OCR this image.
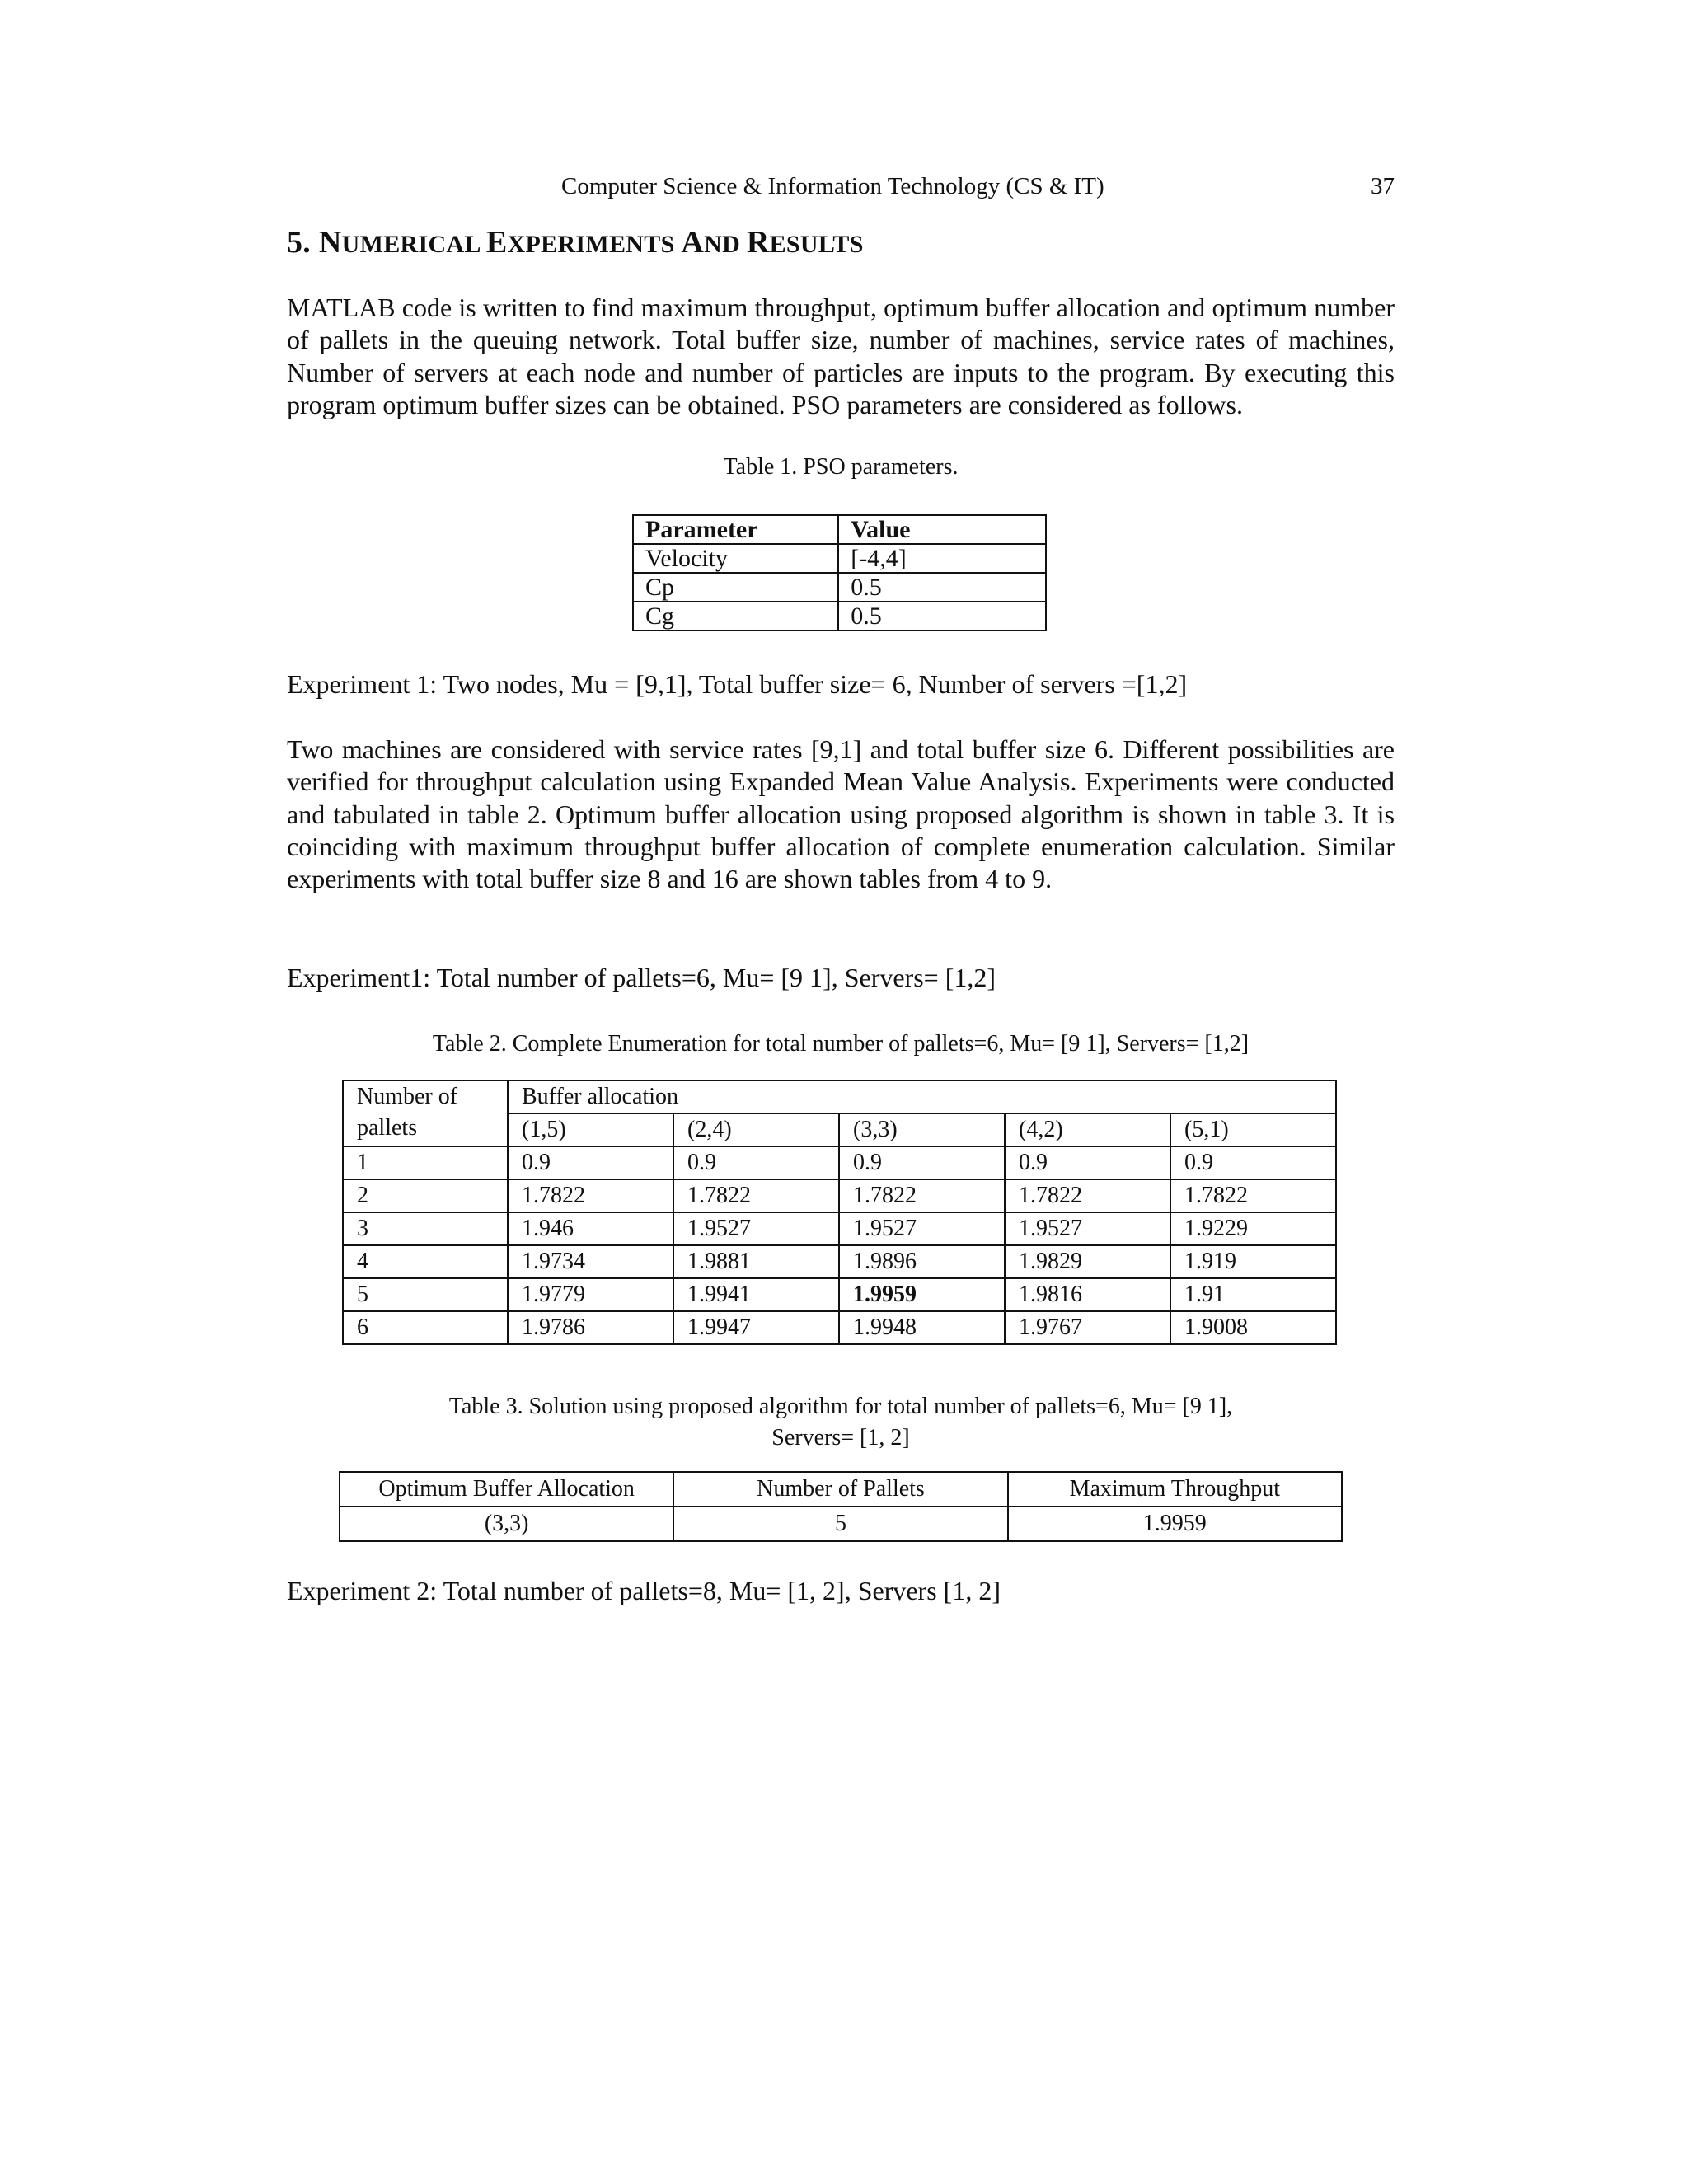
Computer Science & Information Technology (CS & IT)	37
5. NUMERICAL EXPERIMENTS AND RESULTS

MATLAB code is written to find maximum throughput, optimum buffer allocation and optimum number of pallets in the queuing network. Total buffer size, number of machines, service rates of machines, Number of servers at each node and number of particles are inputs to the program. By executing this program optimum buffer sizes can be obtained. PSO parameters are considered as follows.

Table 1. PSO parameters.
Parameter	Value
Velocity	[-4,4]
Cp	0.5
Cg	0.5
Experiment 1: Two nodes, Mu = [9,1], Total buffer size= 6, Number of servers =[1,2]

Two machines are considered with service rates [9,1] and total buffer size 6. Different possibilities are verified for throughput calculation using Expanded Mean Value Analysis. Experiments were conducted and tabulated in table 2. Optimum buffer allocation using proposed algorithm is shown in table 3. It is coinciding with maximum throughput buffer allocation of complete enumeration calculation. Similar experiments with total buffer size 8 and 16 are shown tables from 4 to 9.

Experiment1: Total number of pallets=6, Mu= [9 1], Servers= [1,2]
Table 2. Complete Enumeration for total number of pallets=6, Mu= [9 1], Servers= [1,2]
Number of pallets	Buffer allocation				
	(1,5)	(2,4)	(3,3)	(4,2)	(5,1)
1	0.9	0.9	0.9	0.9	0.9
2	1.7822	1.7822	1.7822	1.7822	1.7822
3	1.946	1.9527	1.9527	1.9527	1.9229
4	1.9734	1.9881	1.9896	1.9829	1.919
5	1.9779	1.9941	1.9959	1.9816	1.91
6	1.9786	1.9947	1.9948	1.9767	1.9008
Table 3. Solution using proposed algorithm for total number of pallets=6, Mu= [9 1],
Servers= [1, 2]
Optimum Buffer Allocation	Number of Pallets	Maximum Throughput
(3,3)	5	1.9959
Experiment 2: Total number of pallets=8, Mu= [1, 2], Servers [1, 2]
